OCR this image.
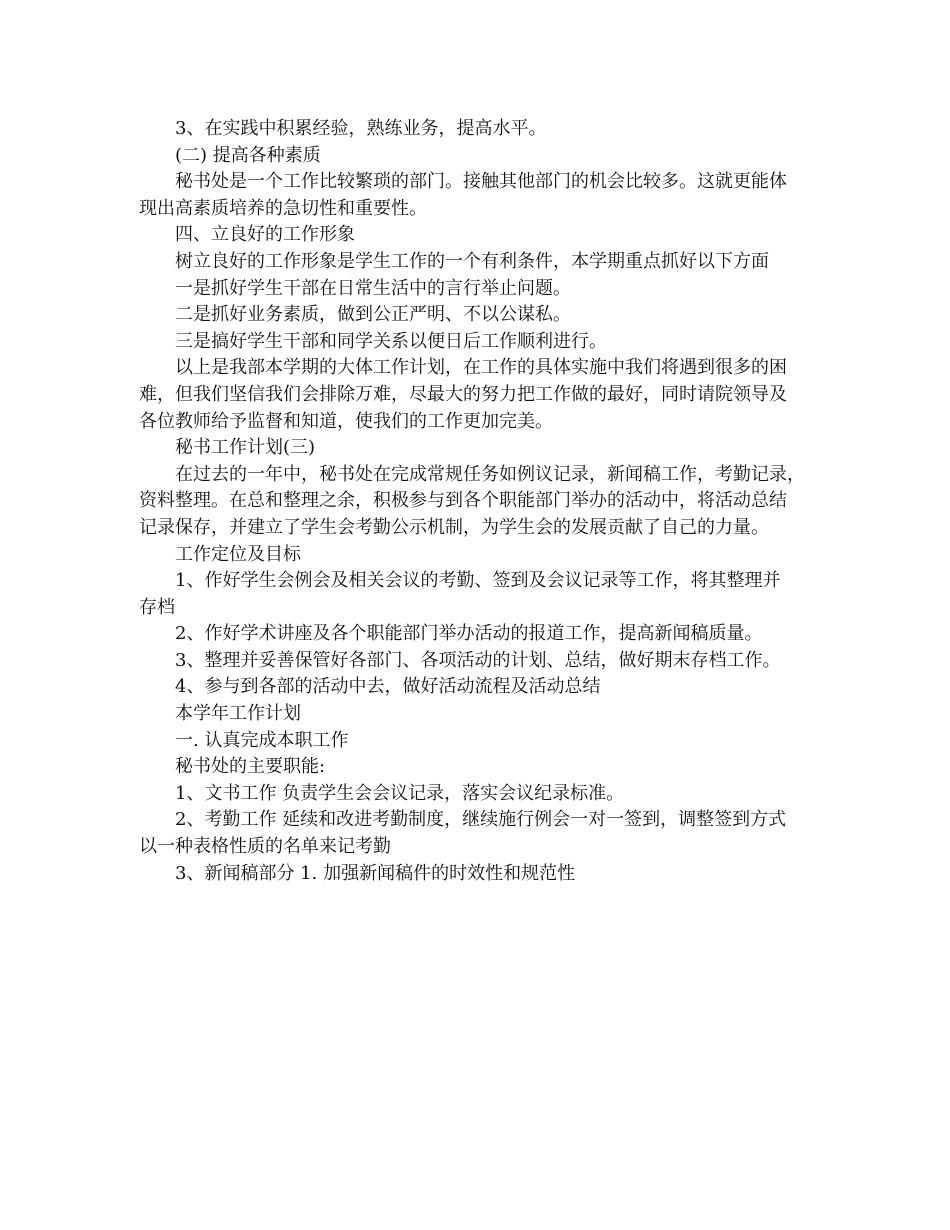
3、在实践中积累经验，熟练业务，提高水平。
(二) 提高各种素质
秘书处是一个工作比较繁琐的部门。接触其他部门的机会比较多。这就更能体
现出高素质培养的急切性和重要性。
四、立良好的工作形象
树立良好的工作形象是学生工作的一个有利条件，本学期重点抓好以下方面
一是抓好学生干部在日常生活中的言行举止问题。
二是抓好业务素质，做到公正严明、不以公谋私。
三是搞好学生干部和同学关系以便日后工作顺利进行。
以上是我部本学期的大体工作计划，在工作的具体实施中我们将遇到很多的困
难，但我们坚信我们会排除万难，尽最大的努力把工作做的最好，同时请院领导及
各位教师给予监督和知道，使我们的工作更加完美。
秘书工作计划(三)
在过去的一年中，秘书处在完成常规任务如例议记录，新闻稿工作，考勤记录，
资料整理。在总和整理之余，积极参与到各个职能部门举办的活动中，将活动总结
记录保存，并建立了学生会考勤公示机制，为学生会的发展贡献了自己的力量。
工作定位及目标
1、作好学生会例会及相关会议的考勤、签到及会议记录等工作，将其整理并
存档
2、作好学术讲座及各个职能部门举办活动的报道工作，提高新闻稿质量。
3、整理并妥善保管好各部门、各项活动的计划、总结，做好期末存档工作。
4、参与到各部的活动中去，做好活动流程及活动总结
本学年工作计划
一. 认真完成本职工作
秘书处的主要职能:
1、文书工作 负责学生会会议记录，落实会议纪录标准。
2、考勤工作 延续和改进考勤制度，继续施行例会一对一签到，调整签到方式
以一种表格性质的名单来记考勤
3、新闻稿部分 1. 加强新闻稿件的时效性和规范性
